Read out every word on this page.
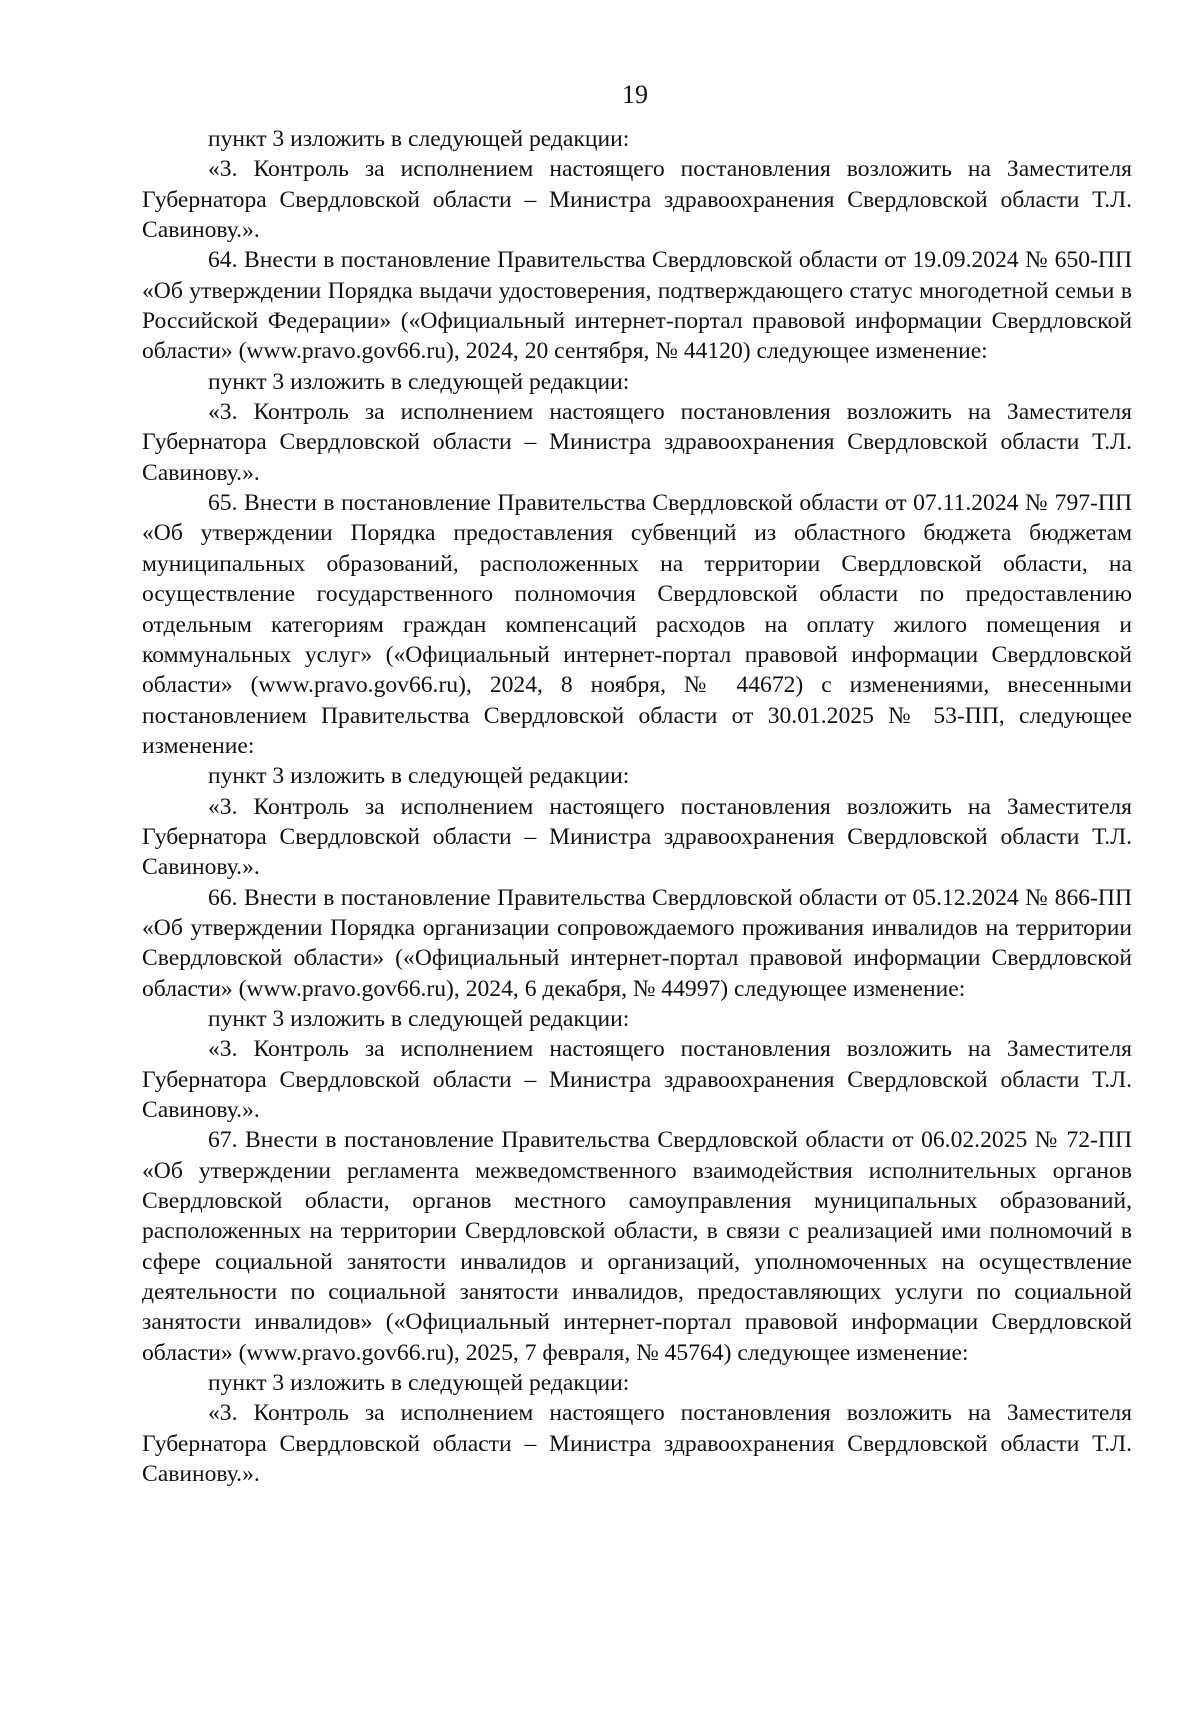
19

пункт 3 изложить в следующей редакции:

«3. Контроль за исполнением настоящего постановления возложить на Заместителя Губернатора Свердловской области – Министра здравоохранения Свердловской области Т.Л. Савинову.».

64. Внести в постановление Правительства Свердловской области от 19.09.2024 № 650-ПП «Об утверждении Порядка выдачи удостоверения, подтверждающего статус многодетной семьи в Российской Федерации» («Официальный интернет-портал правовой информации Свердловской области» (www.pravo.gov66.ru), 2024, 20 сентября, № 44120) следующее изменение:

пункт 3 изложить в следующей редакции:

«3. Контроль за исполнением настоящего постановления возложить на Заместителя Губернатора Свердловской области – Министра здравоохранения Свердловской области Т.Л. Савинову.».

65. Внести в постановление Правительства Свердловской области от 07.11.2024 № 797-ПП «Об утверждении Порядка предоставления субвенций из областного бюджета бюджетам муниципальных образований, расположенных на территории Свердловской области, на осуществление государственного полномочия Свердловской области по предоставлению отдельным категориям граждан компенсаций расходов на оплату жилого помещения и коммунальных услуг» («Официальный интернет-портал правовой информации Свердловской области» (www.pravo.gov66.ru), 2024, 8 ноября, № 44672) с изменениями, внесенными постановлением Правительства Свердловской области от 30.01.2025 № 53-ПП, следующее изменение:

пункт 3 изложить в следующей редакции:

«3. Контроль за исполнением настоящего постановления возложить на Заместителя Губернатора Свердловской области – Министра здравоохранения Свердловской области Т.Л. Савинову.».

66. Внести в постановление Правительства Свердловской области от 05.12.2024 № 866-ПП «Об утверждении Порядка организации сопровождаемого проживания инвалидов на территории Свердловской области» («Официальный интернет-портал правовой информации Свердловской области» (www.pravo.gov66.ru), 2024, 6 декабря, № 44997) следующее изменение:

пункт 3 изложить в следующей редакции:

«3. Контроль за исполнением настоящего постановления возложить на Заместителя Губернатора Свердловской области – Министра здравоохранения Свердловской области Т.Л. Савинову.».

67. Внести в постановление Правительства Свердловской области от 06.02.2025 № 72-ПП «Об утверждении регламента межведомственного взаимодействия исполнительных органов Свердловской области, органов местного самоуправления муниципальных образований, расположенных на территории Свердловской области, в связи с реализацией ими полномочий в сфере социальной занятости инвалидов и организаций, уполномоченных на осуществление деятельности по социальной занятости инвалидов, предоставляющих услуги по социальной занятости инвалидов» («Официальный интернет-портал правовой информации Свердловской области» (www.pravo.gov66.ru), 2025, 7 февраля, № 45764) следующее изменение:

пункт 3 изложить в следующей редакции:

«3. Контроль за исполнением настоящего постановления возложить на Заместителя Губернатора Свердловской области – Министра здравоохранения Свердловской области Т.Л. Савинову.».
